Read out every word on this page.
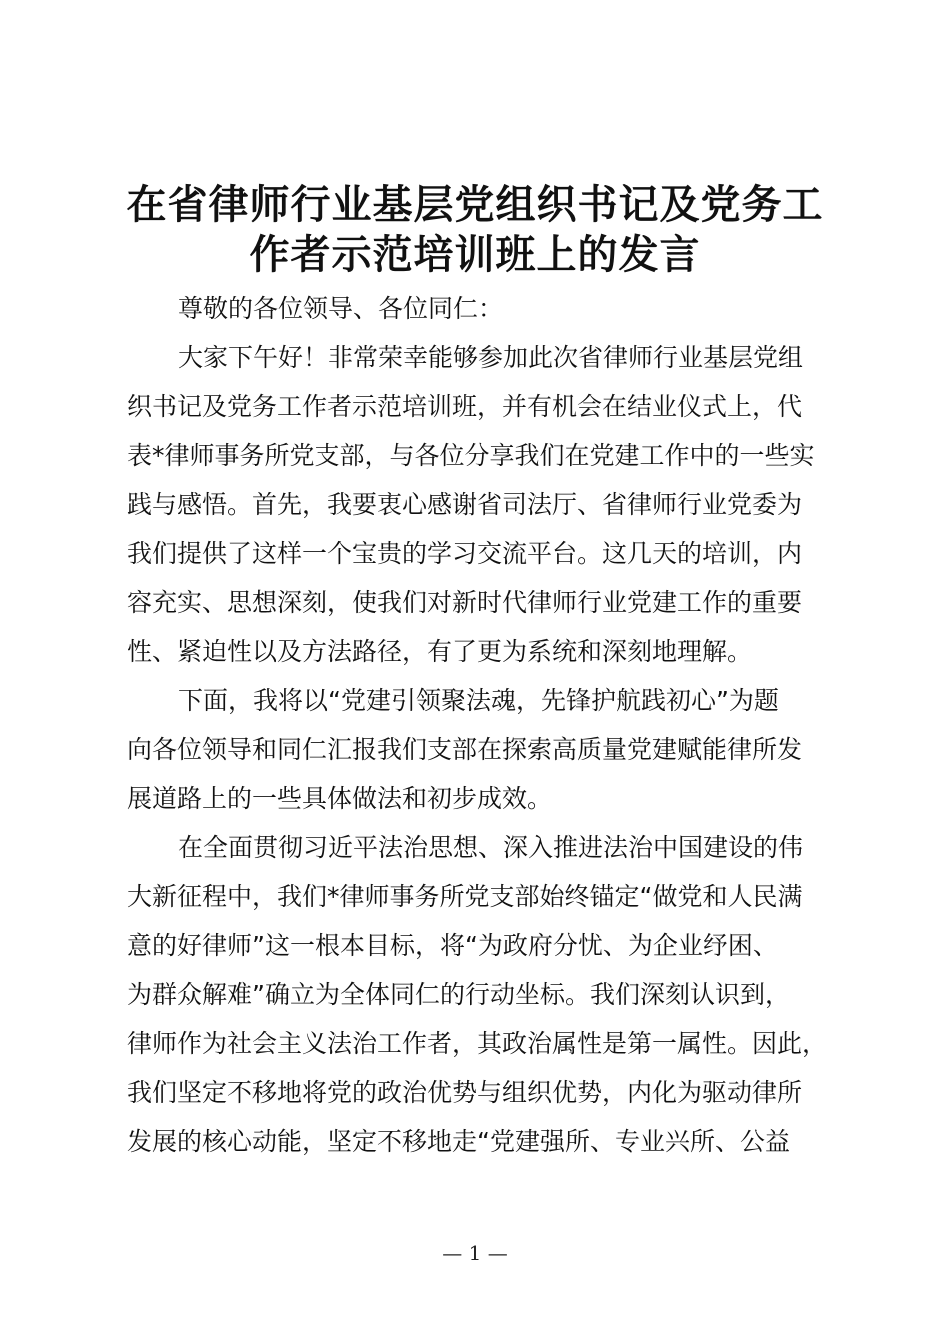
在省律师行业基层党组织书记及党务工
作者示范培训班上的发言

尊敬的各位领导、各位同仁：

大家下午好！非常荣幸能够参加此次省律师行业基层党组
织书记及党务工作者示范培训班，并有机会在结业仪式上，代
表*律师事务所党支部，与各位分享我们在党建工作中的一些实
践与感悟。首先，我要衷心感谢省司法厅、省律师行业党委为
我们提供了这样一个宝贵的学习交流平台。这几天的培训，内
容充实、思想深刻，使我们对新时代律师行业党建工作的重要
性、紧迫性以及方法路径，有了更为系统和深刻地理解。

下面，我将以“党建引领聚法魂，先锋护航践初心”为题
向各位领导和同仁汇报我们支部在探索高质量党建赋能律所发
展道路上的一些具体做法和初步成效。

在全面贯彻习近平法治思想、深入推进法治中国建设的伟
大新征程中，我们*律师事务所党支部始终锚定“做党和人民满
意的好律师”这一根本目标，将“为政府分忧、为企业纾困、
为群众解难”确立为全体同仁的行动坐标。我们深刻认识到，
律师作为社会主义法治工作者，其政治属性是第一属性。因此，
我们坚定不移地将党的政治优势与组织优势，内化为驱动律所
发展的核心动能，坚定不移地走“党建强所、专业兴所、公益

— 1 —
